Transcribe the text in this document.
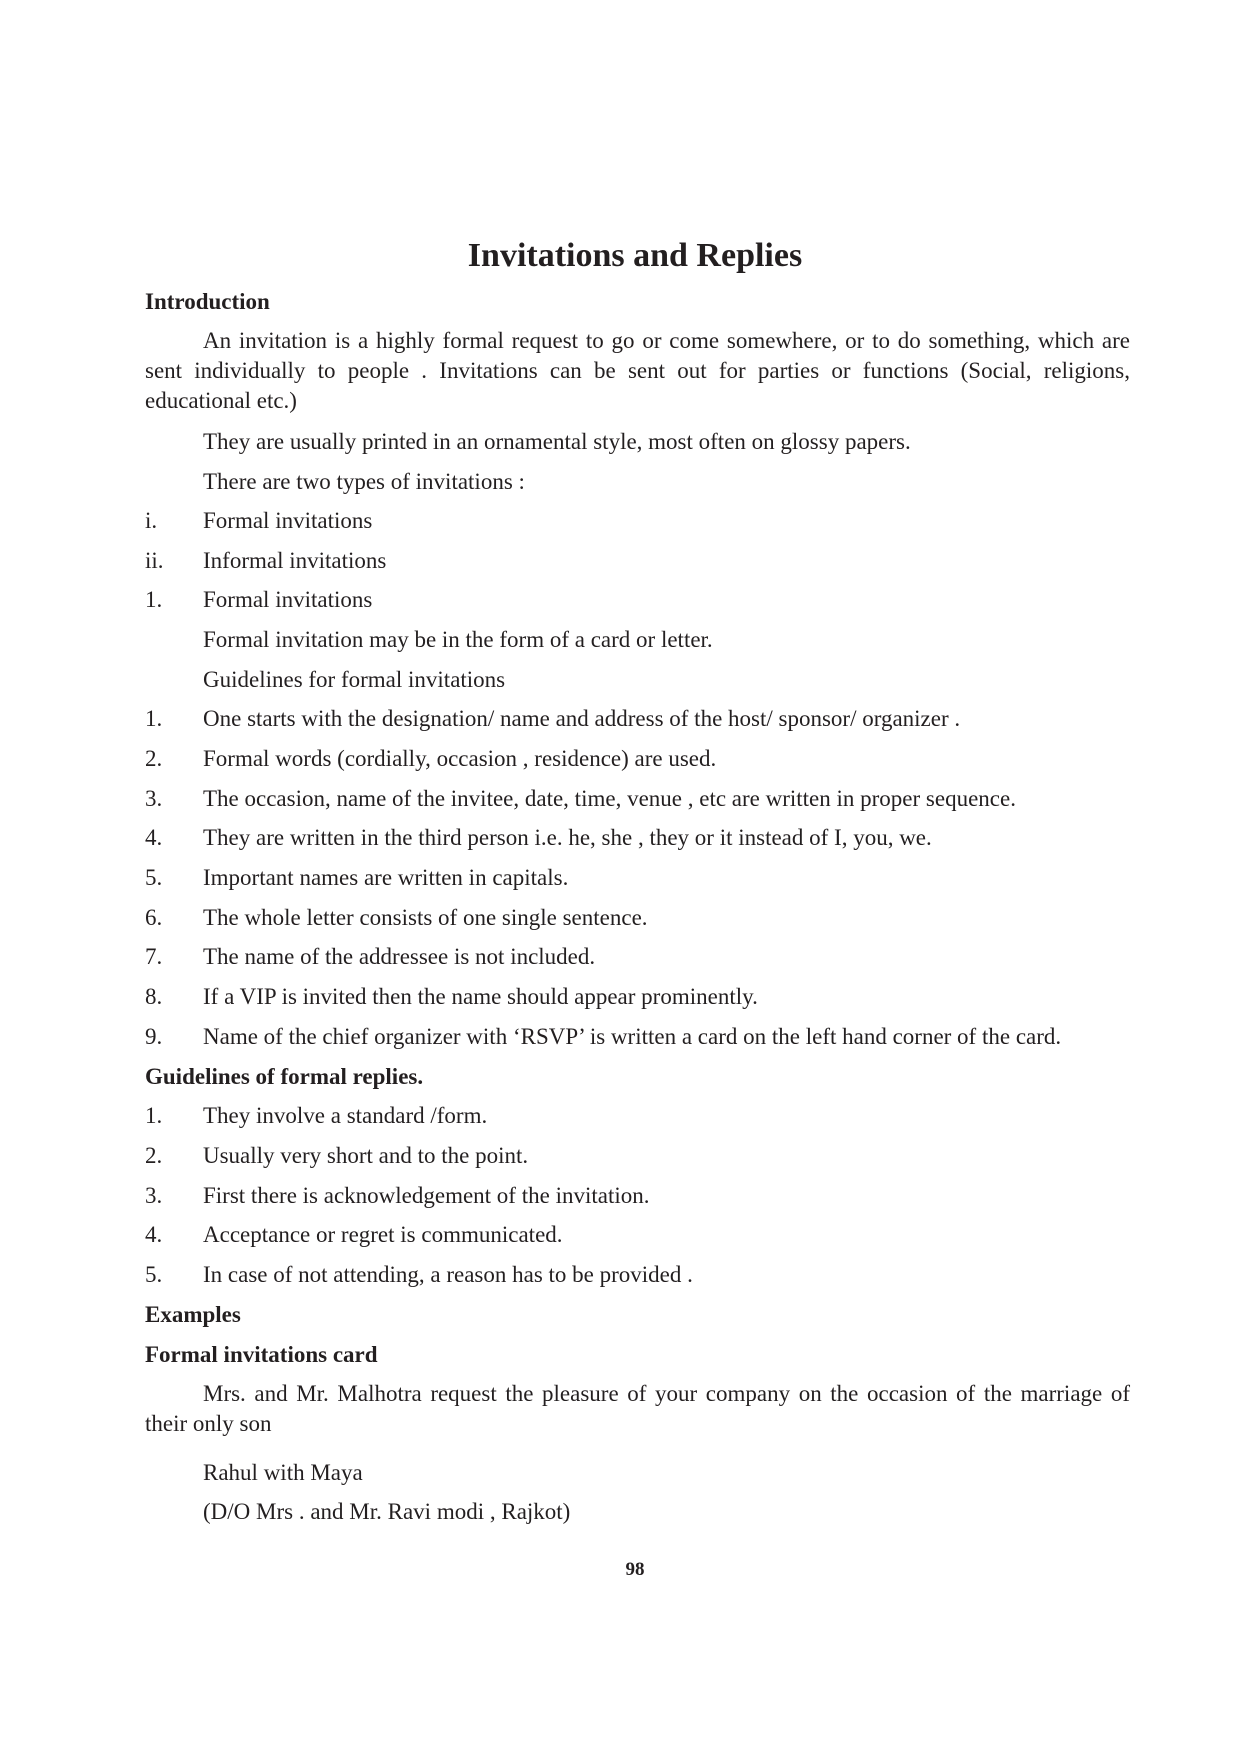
Invitations and Replies
Introduction
An invitation is a highly formal request to go or come somewhere, or to do something, which are sent individually to people . Invitations can be sent out for parties or functions (Social, religions, educational etc.)
They are usually printed in an ornamental style, most often on glossy papers.
There are two types of invitations :
i. Formal invitations
ii. Informal invitations
1. Formal invitations
Formal invitation may be in the form of a card or letter.
Guidelines for formal invitations
1. One starts with the designation/ name and address of the host/ sponsor/ organizer .
2. Formal words (cordially, occasion , residence) are used.
3. The occasion, name of the invitee, date, time, venue , etc are written in proper sequence.
4. They are written in the third person i.e. he, she , they or it instead of I, you, we.
5. Important names are written in capitals.
6. The whole letter consists of one single sentence.
7. The name of the addressee is not included.
8. If a VIP is invited then the name should appear prominently.
9. Name of the chief organizer with ‘RSVP’ is written a card on the left hand corner of the card.
Guidelines of formal replies.
1. They involve a standard /form.
2. Usually very short and to the point.
3. First there is acknowledgement of the invitation.
4. Acceptance or regret is communicated.
5. In case of not attending, a reason has to be provided .
Examples
Formal invitations card
Mrs. and Mr. Malhotra request the pleasure of your company on the occasion of the marriage of their only son
Rahul with Maya
(D/O Mrs . and Mr. Ravi modi , Rajkot)
98
